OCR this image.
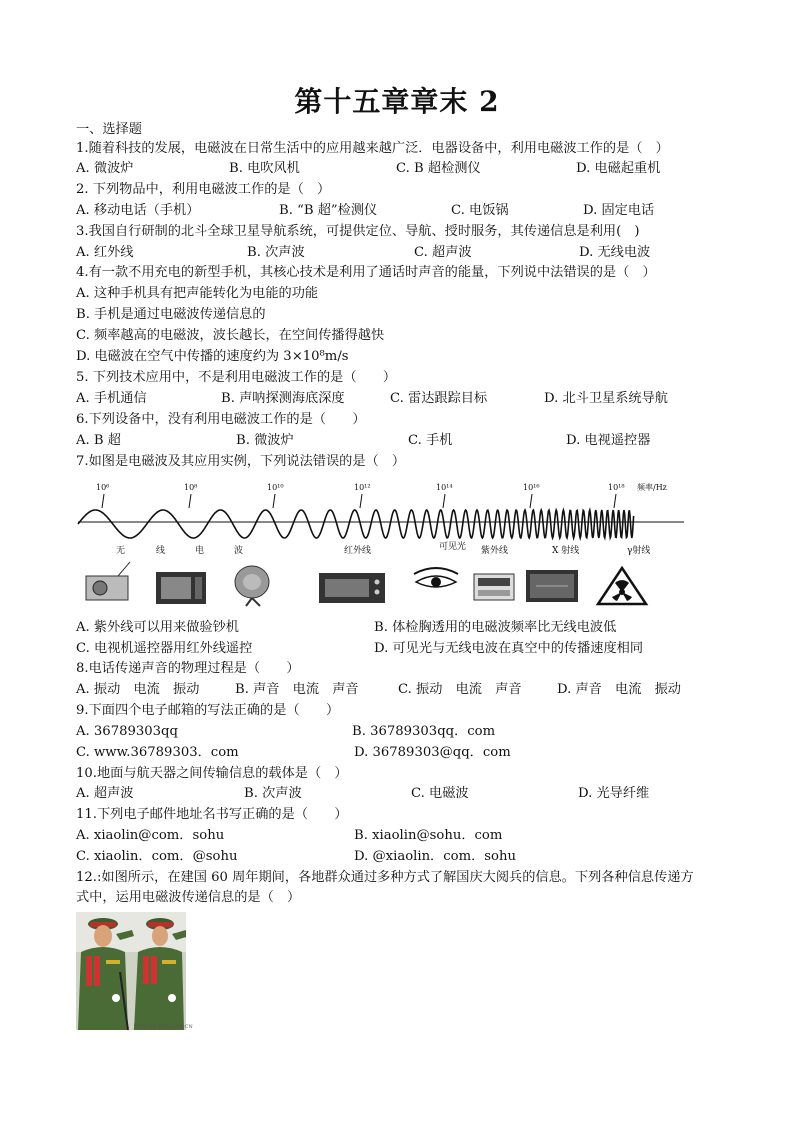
第十五章章末 2
一、选择题
1.随着科技的发展，电磁波在日常生活中的应用越来越广泛．电器设备中，利用电磁波工作的是（　）
A. 微波炉	B. 电吹风机	C. B 超检测仪	D. 电磁起重机
2. 下列物品中，利用电磁波工作的是（　）
A. 移动电话（手机）	B. “B 超”检测仪	C. 电饭锅	D. 固定电话
3.我国自行研制的北斗全球卫星导航系统，可提供定位、导航、授时服务，其传递信息是利用(　)
A. 红外线	B. 次声波	C. 超声波	D. 无线电波
4.有一款不用充电的新型手机，其核心技术是利用了通话时声音的能量，下列说中法错误的是（　）
A. 这种手机具有把声能转化为电能的功能
B. 手机是通过电磁波传递信息的
C. 频率越高的电磁波，波长越长，在空间传播得越快
D. 电磁波在空气中传播的速度约为 3×10⁸m/s
5. 下列技术应用中，不是利用电磁波工作的是（　　）
A. 手机通信	B. 声呐探测海底深度	C. 雷达跟踪目标	D. 北斗卫星系统导航
6.下列设备中，没有利用电磁波工作的是（　　）
A. B 超	B. 微波炉	C. 手机	D. 电视遥控器
7.如图是电磁波及其应用实例，下列说法错误的是（　）
10⁶	10⁸	10¹⁰	10¹²	10¹⁴	10¹⁶	10¹⁸ 频率/Hz
无	线	电	波	红外线	可见光 紫外线	X 射线	γ射线
A. 紫外线可以用来做验钞机	B. 体检胸透用的电磁波频率比无线电波低
C. 电视机遥控器用红外线遥控	D. 可见光与无线电波在真空中的传播速度相同
8.电话传递声音的物理过程是（　　）
A. 振动　电流　振动	B. 声音　电流　声音	C. 振动　电流　声音	D. 声音　电流　振动
9.下面四个电子邮箱的写法正确的是（　　）
A. 36789303qq	B. 36789303qq．com
C. www.36789303．com	D. 36789303@qq．com
10.地面与航天器之间传输信息的载体是（　）
A. 超声波	B. 次声波	C. 电磁波	D. 光导纤维
11.下列电子邮件地址名书写正确的是（　　）
A. xiaolin@com．sohu	B. xiaolin@sohu．com
C. xiaolin．com．@sohu	D. @xiaolin．com．sohu
12.:如图所示，在建国 60 周年期间，各地群众通过多种方式了解国庆大阅兵的信息。下列各种信息传递方
式中，运用电磁波传递信息的是（　）
上学吧 DO-JMT.COM.CN
